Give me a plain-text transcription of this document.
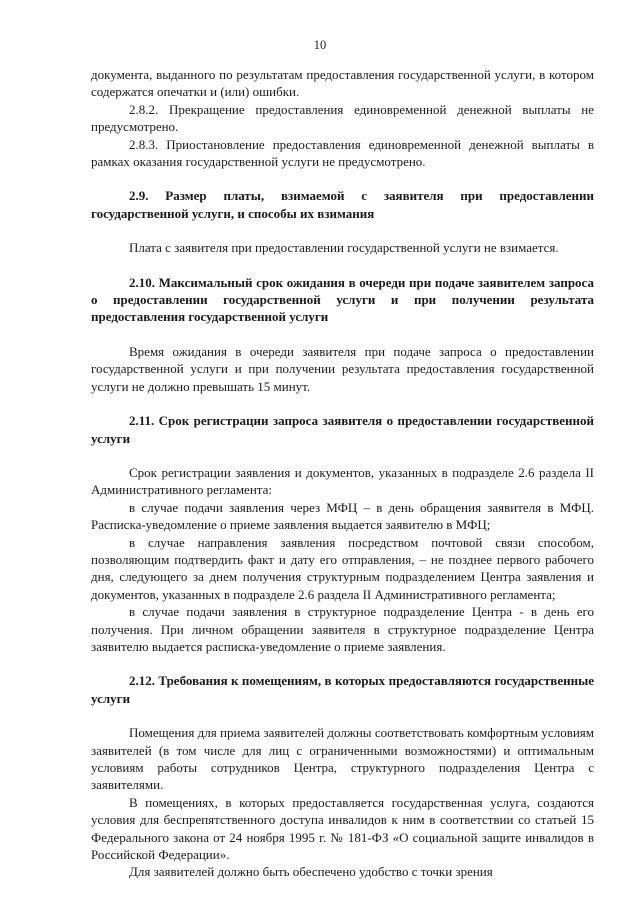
10

документа, выданного по результатам предоставления государственной услуги, в котором содержатся опечатки и (или) ошибки.

2.8.2. Прекращение предоставления единовременной денежной выплаты не предусмотрено.

2.8.3. Приостановление предоставления единовременной денежной выплаты в рамках оказания государственной услуги не предусмотрено.

2.9. Размер платы, взимаемой с заявителя при предоставлении государственной услуги, и способы их взимания

Плата с заявителя при предоставлении государственной услуги не взимается.

2.10. Максимальный срок ожидания в очереди при подаче заявителем запроса о предоставлении государственной услуги и при получении результата предоставления государственной услуги

Время ожидания в очереди заявителя при подаче запроса о предоставлении государственной услуги и при получении результата предоставления государственной услуги не должно превышать 15 минут.

2.11. Срок регистрации запроса заявителя о предоставлении государственной услуги

Срок регистрации заявления и документов, указанных в подразделе 2.6 раздела II Административного регламента:

в случае подачи заявления через МФЦ – в день обращения заявителя в МФЦ. Расписка-уведомление о приеме заявления выдается заявителю в МФЦ;

в случае направления заявления посредством почтовой связи способом, позволяющим подтвердить факт и дату его отправления, – не позднее первого рабочего дня, следующего за днем получения структурным подразделением Центра заявления и документов, указанных в подразделе 2.6 раздела II Административного регламента;

в случае подачи заявления в структурное подразделение Центра - в день его получения. При личном обращении заявителя в структурное подразделение Центра заявителю выдается расписка-уведомление о приеме заявления.

2.12. Требования к помещениям, в которых предоставляются государственные услуги

Помещения для приема заявителей должны соответствовать комфортным условиям заявителей (в том числе для лиц с ограниченными возможностями) и оптимальным условиям работы сотрудников Центра, структурного подразделения Центра с заявителями.

В помещениях, в которых предоставляется государственная услуга, создаются условия для беспрепятственного доступа инвалидов к ним в соответствии со статьей 15 Федерального закона от 24 ноября 1995 г. № 181-ФЗ «О социальной защите инвалидов в Российской Федерации».

Для заявителей должно быть обеспечено удобство с точки зрения
